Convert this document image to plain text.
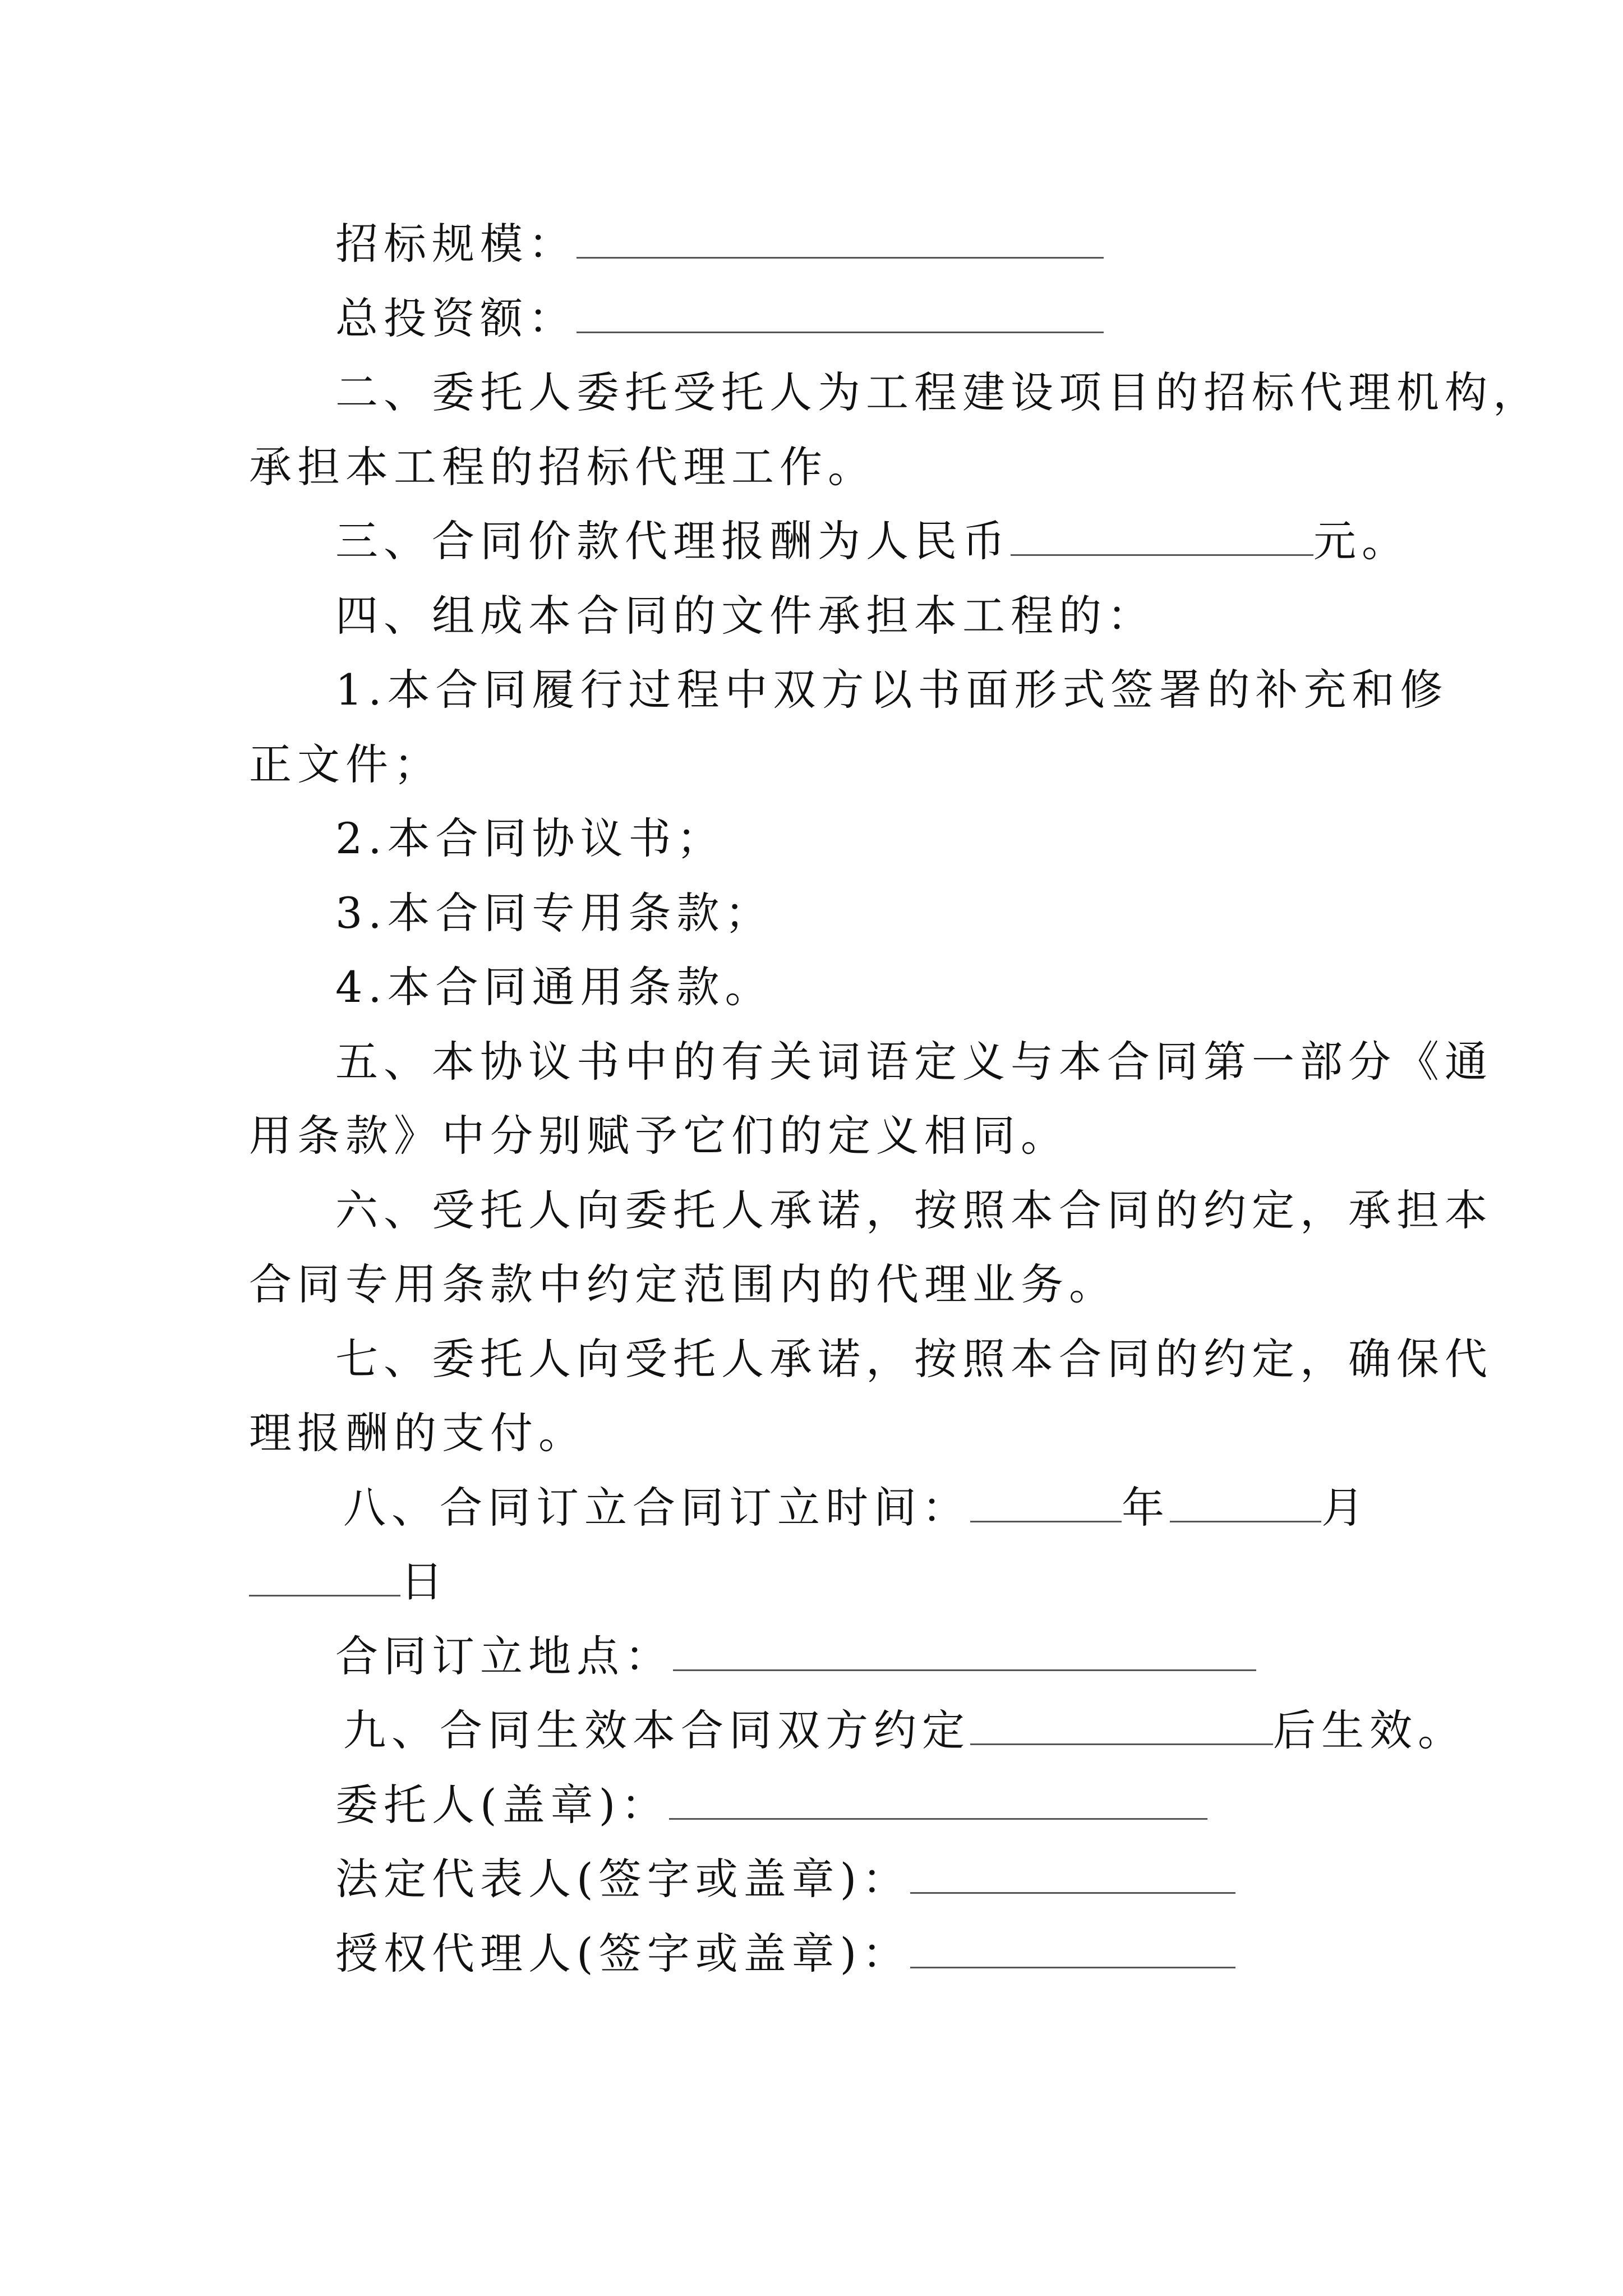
招标规模：
总投资额：
二、委托人委托受托人为工程建设项目的招标代理机构，
承担本工程的招标代理工作。
三、合同价款代理报酬为人民币	元。
四、组成本合同的文件承担本工程的：
1.本合同履行过程中双方以书面形式签署的补充和修
正文件；
2.本合同协议书；
3.本合同专用条款；
4.本合同通用条款。
五、本协议书中的有关词语定义与本合同第一部分《通
用条款》中分别赋予它们的定义相同。
六、受托人向委托人承诺，按照本合同的约定，承担本
合同专用条款中约定范围内的代理业务。
七、委托人向受托人承诺，按照本合同的约定，确保代
理报酬的支付。
八、合同订立合同订立时间：	年	月
日
合同订立地点：
九、合同生效本合同双方约定	后生效。
委托人(盖章)：
法定代表人(签字或盖章)：
授权代理人(签字或盖章)：
